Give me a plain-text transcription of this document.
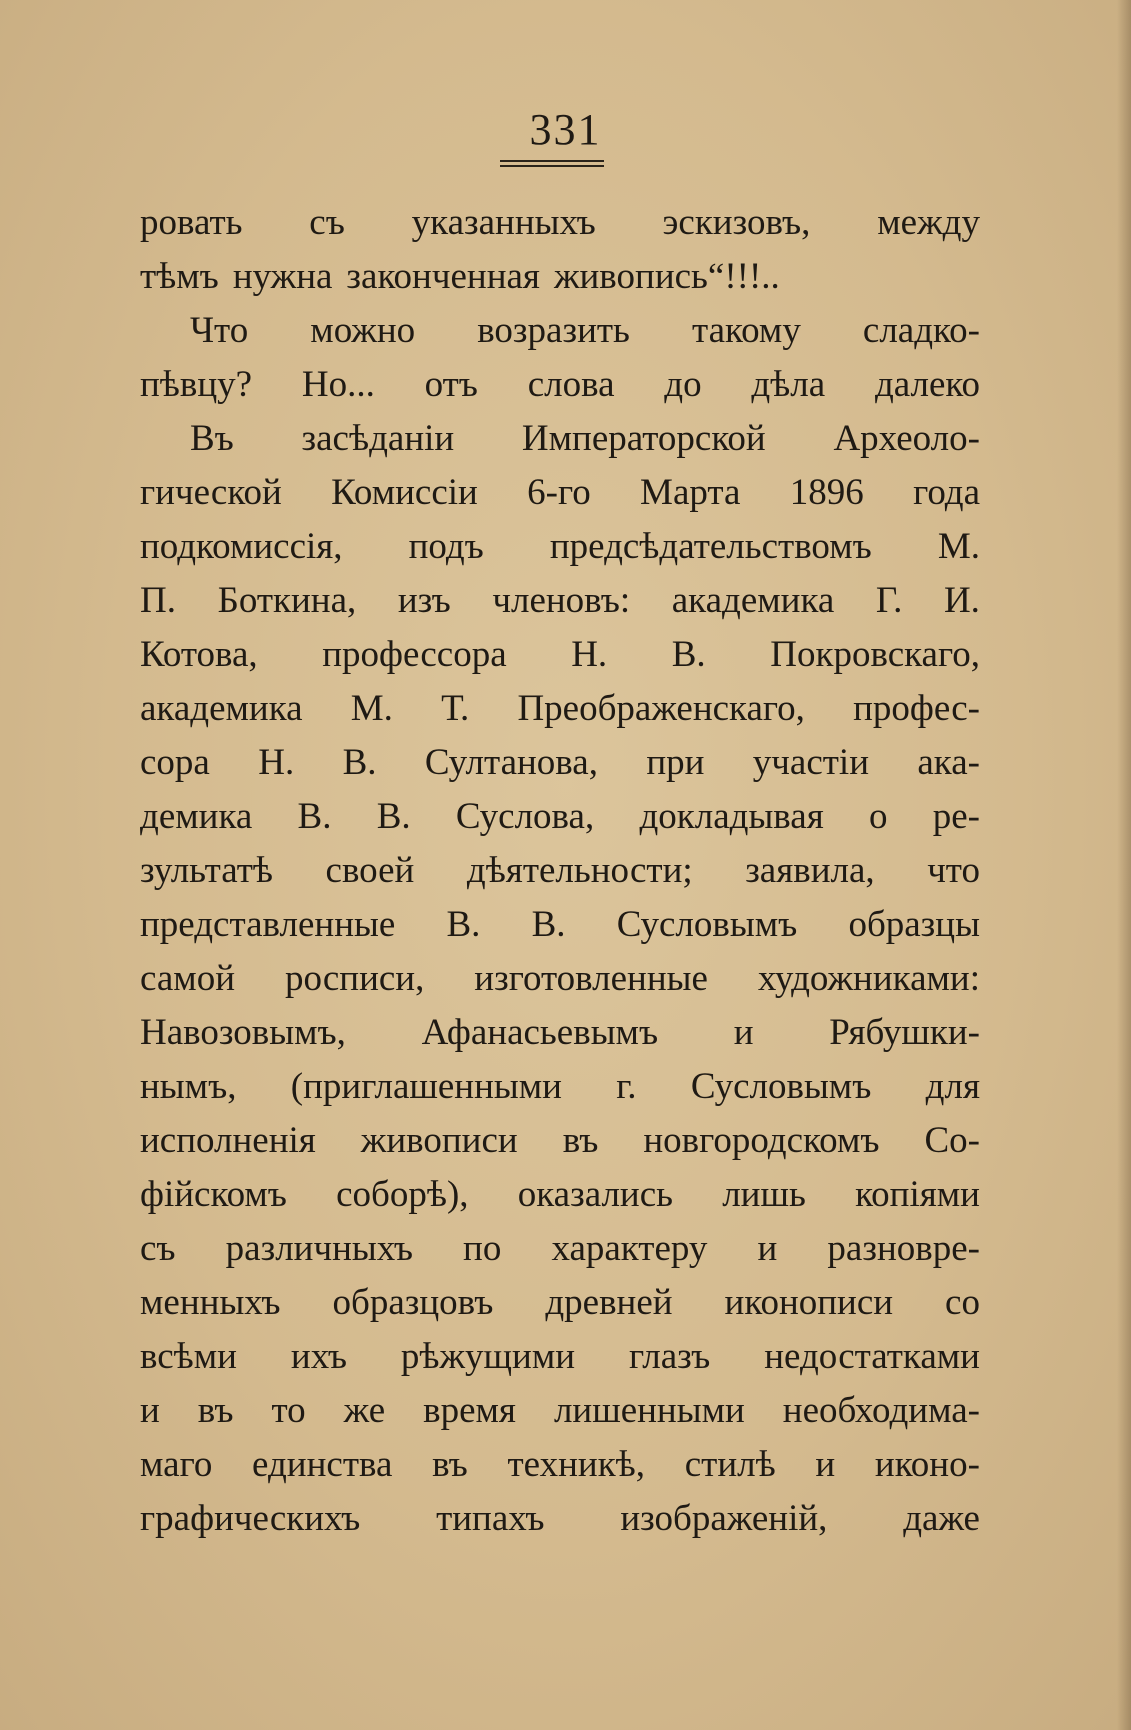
331
ровать съ указанныхъ эскизовъ, между
тѣмъ нужна законченная живопись“!!!..
Что можно возразить такому сладко-
пѣвцу? Но... отъ слова до дѣла далеко
Въ засѣданіи Императорской Археоло-
гической Комиссіи 6-го Марта 1896 года
подкомиссія, подъ предсѣдательствомъ М.
П. Боткина, изъ членовъ: академика Г. И.
Котова, профессора Н. В. Покровскаго,
академика М. Т. Преображенскаго, профес-
сора Н. В. Султанова, при участіи ака-
демика В. В. Суслова, докладывая о ре-
зультатѣ своей дѣятельности; заявила, что
представленные В. В. Сусловымъ образцы
самой росписи, изготовленные художниками:
Навозовымъ, Афанасьевымъ и Рябушки-
нымъ, (приглашенными г. Сусловымъ для
исполненія живописи въ новгородскомъ Со-
фійскомъ соборѣ), оказались лишь копіями
съ различныхъ по характеру и разновре-
менныхъ образцовъ древней иконописи со
всѣми ихъ рѣжущими глазъ недостатками
и въ то же время лишенными необходима-
маго единства въ техникѣ, стилѣ и иконо-
графическихъ типахъ изображеній, даже
